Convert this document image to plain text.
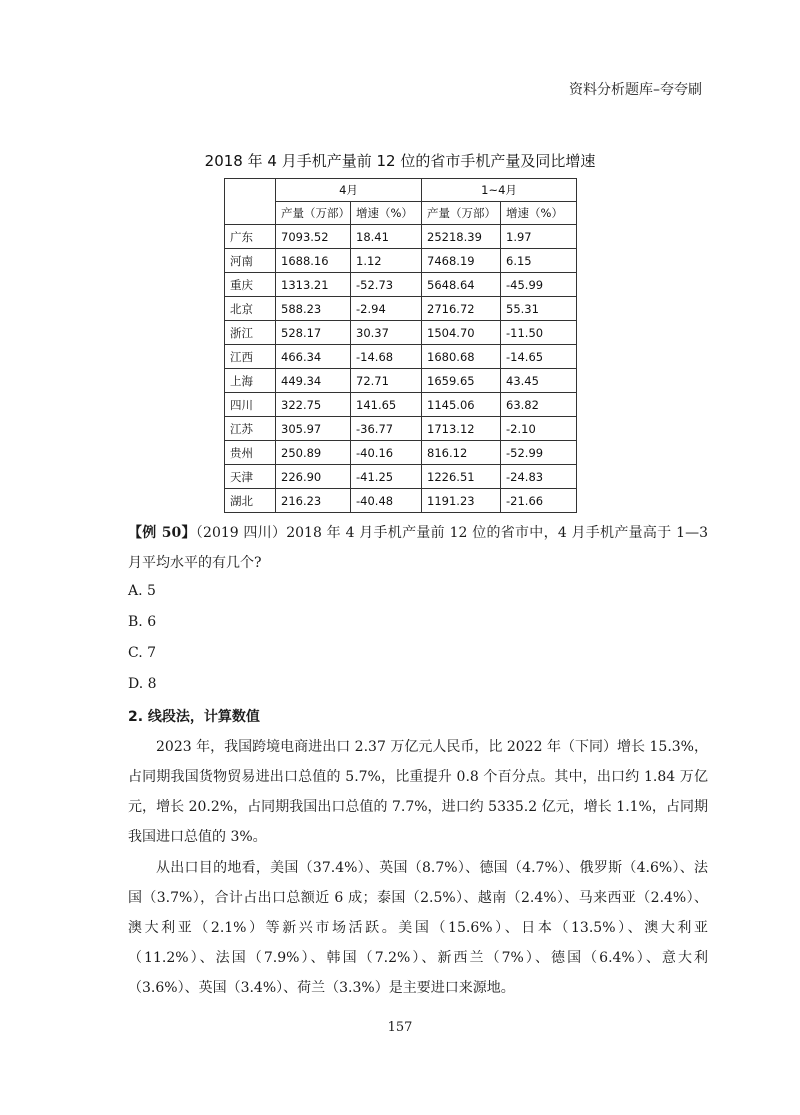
资料分析题库–夸夸刷
2018 年 4 月手机产量前 12 位的省市手机产量及同比增速
	4月		1~4月	
	产量（万部）	增速（%）	产量（万部）	增速（%）
广东	7093.52	18.41	25218.39	1.97
河南	1688.16	1.12	7468.19	6.15
重庆	1313.21	-52.73	5648.64	-45.99
北京	588.23	-2.94	2716.72	55.31
浙江	528.17	30.37	1504.70	-11.50
江西	466.34	-14.68	1680.68	-14.65
上海	449.34	72.71	1659.65	43.45
四川	322.75	141.65	1145.06	63.82
江苏	305.97	-36.77	1713.12	-2.10
贵州	250.89	-40.16	816.12	-52.99
天津	226.90	-41.25	1226.51	-24.83
湖北	216.23	-40.48	1191.23	-21.66
【例 50】（2019 四川）2018 年 4 月手机产量前 12 位的省市中，4 月手机产量高于 1—3 月平均水平的有几个?
A. 5
B. 6
C. 7
D. 8
2. 线段法，计算数值
2023 年，我国跨境电商进出口 2.37 万亿元人民币，比 2022 年（下同）增长 15.3%，占同期我国货物贸易进出口总值的 5.7%，比重提升 0.8 个百分点。其中，出口约 1.84 万亿元，增长 20.2%，占同期我国出口总值的 7.7%，进口约 5335.2 亿元，增长 1.1%，占同期我国进口总值的 3%。
从出口目的地看，美国（37.4%）、英国（8.7%）、德国（4.7%）、俄罗斯（4.6%）、法国（3.7%），合计占出口总额近 6 成；泰国（2.5%）、越南（2.4%）、马来西亚（2.4%）、澳大利亚（2.1%）等新兴市场活跃。美国（15.6%）、日本（13.5%）、澳大利亚（11.2%）、法国（7.9%）、韩国（7.2%）、新西兰（7%）、德国（6.4%）、意大利（3.6%）、英国（3.4%）、荷兰（3.3%）是主要进口来源地。
157
